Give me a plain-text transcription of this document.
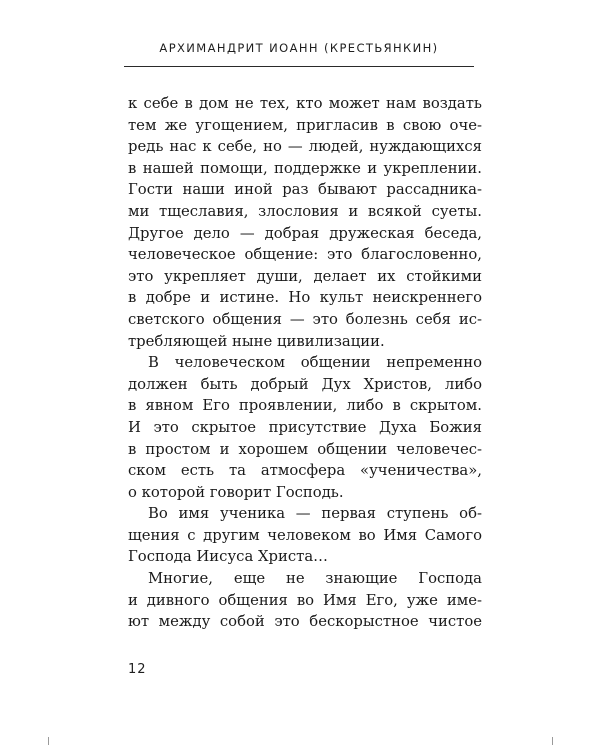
АРХИМАНДРИТ ИОАНН (КРЕСТЬЯНКИН)
к себе в дом не тех, кто может нам воздать
тем же угощением, пригласив в свою оче-
редь нас к себе, но — людей, нуждающихся
в нашей помощи, поддержке и укреплении.
Гости наши иной раз бывают рассадника-
ми тщеславия, злословия и всякой суеты.
Другое дело — добрая дружеская беседа,
человеческое общение: это благословенно,
это укрепляет души, делает их стойкими
в добре и истине. Но культ неискреннего
светского общения — это болезнь себя ис-
требляющей ныне цивилизации.
В человеческом общении непременно
должен быть добрый Дух Христов, либо
в явном Его проявлении, либо в скрытом.
И это скрытое присутствие Духа Божия
в простом и хорошем общении человечес-
ском есть та атмосфера «ученичества»,
о которой говорит Господь.
Во имя ученика — первая ступень об-
щения с другим человеком во Имя Самого
Господа Иисуса Христа…
Многие, еще не знающие Господа
и дивного общения во Имя Его, уже име-
ют между собой это бескорыстное чистое
12
